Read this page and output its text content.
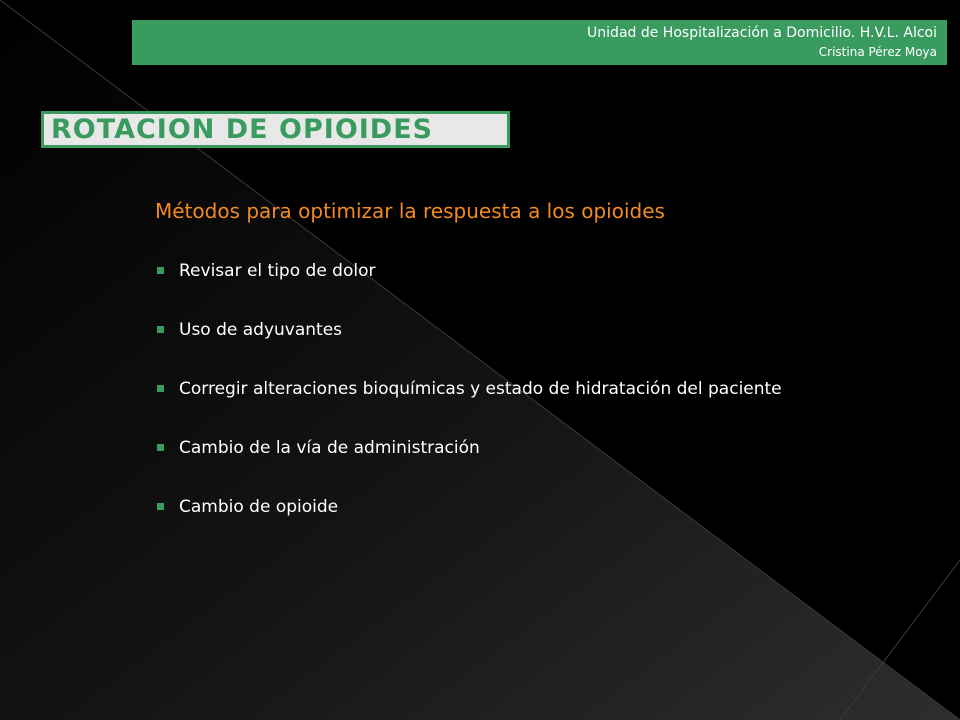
Unidad de Hospitalización a Domicilio. H.V.L. Alcoi
Cristina Pérez Moya
ROTACION DE OPIOIDES
Métodos para optimizar la respuesta a los opioides
Revisar el tipo de dolor
Uso de adyuvantes
Corregir alteraciones bioquímicas y estado de hidratación del paciente
Cambio de la vía de administración
Cambio de opioide
